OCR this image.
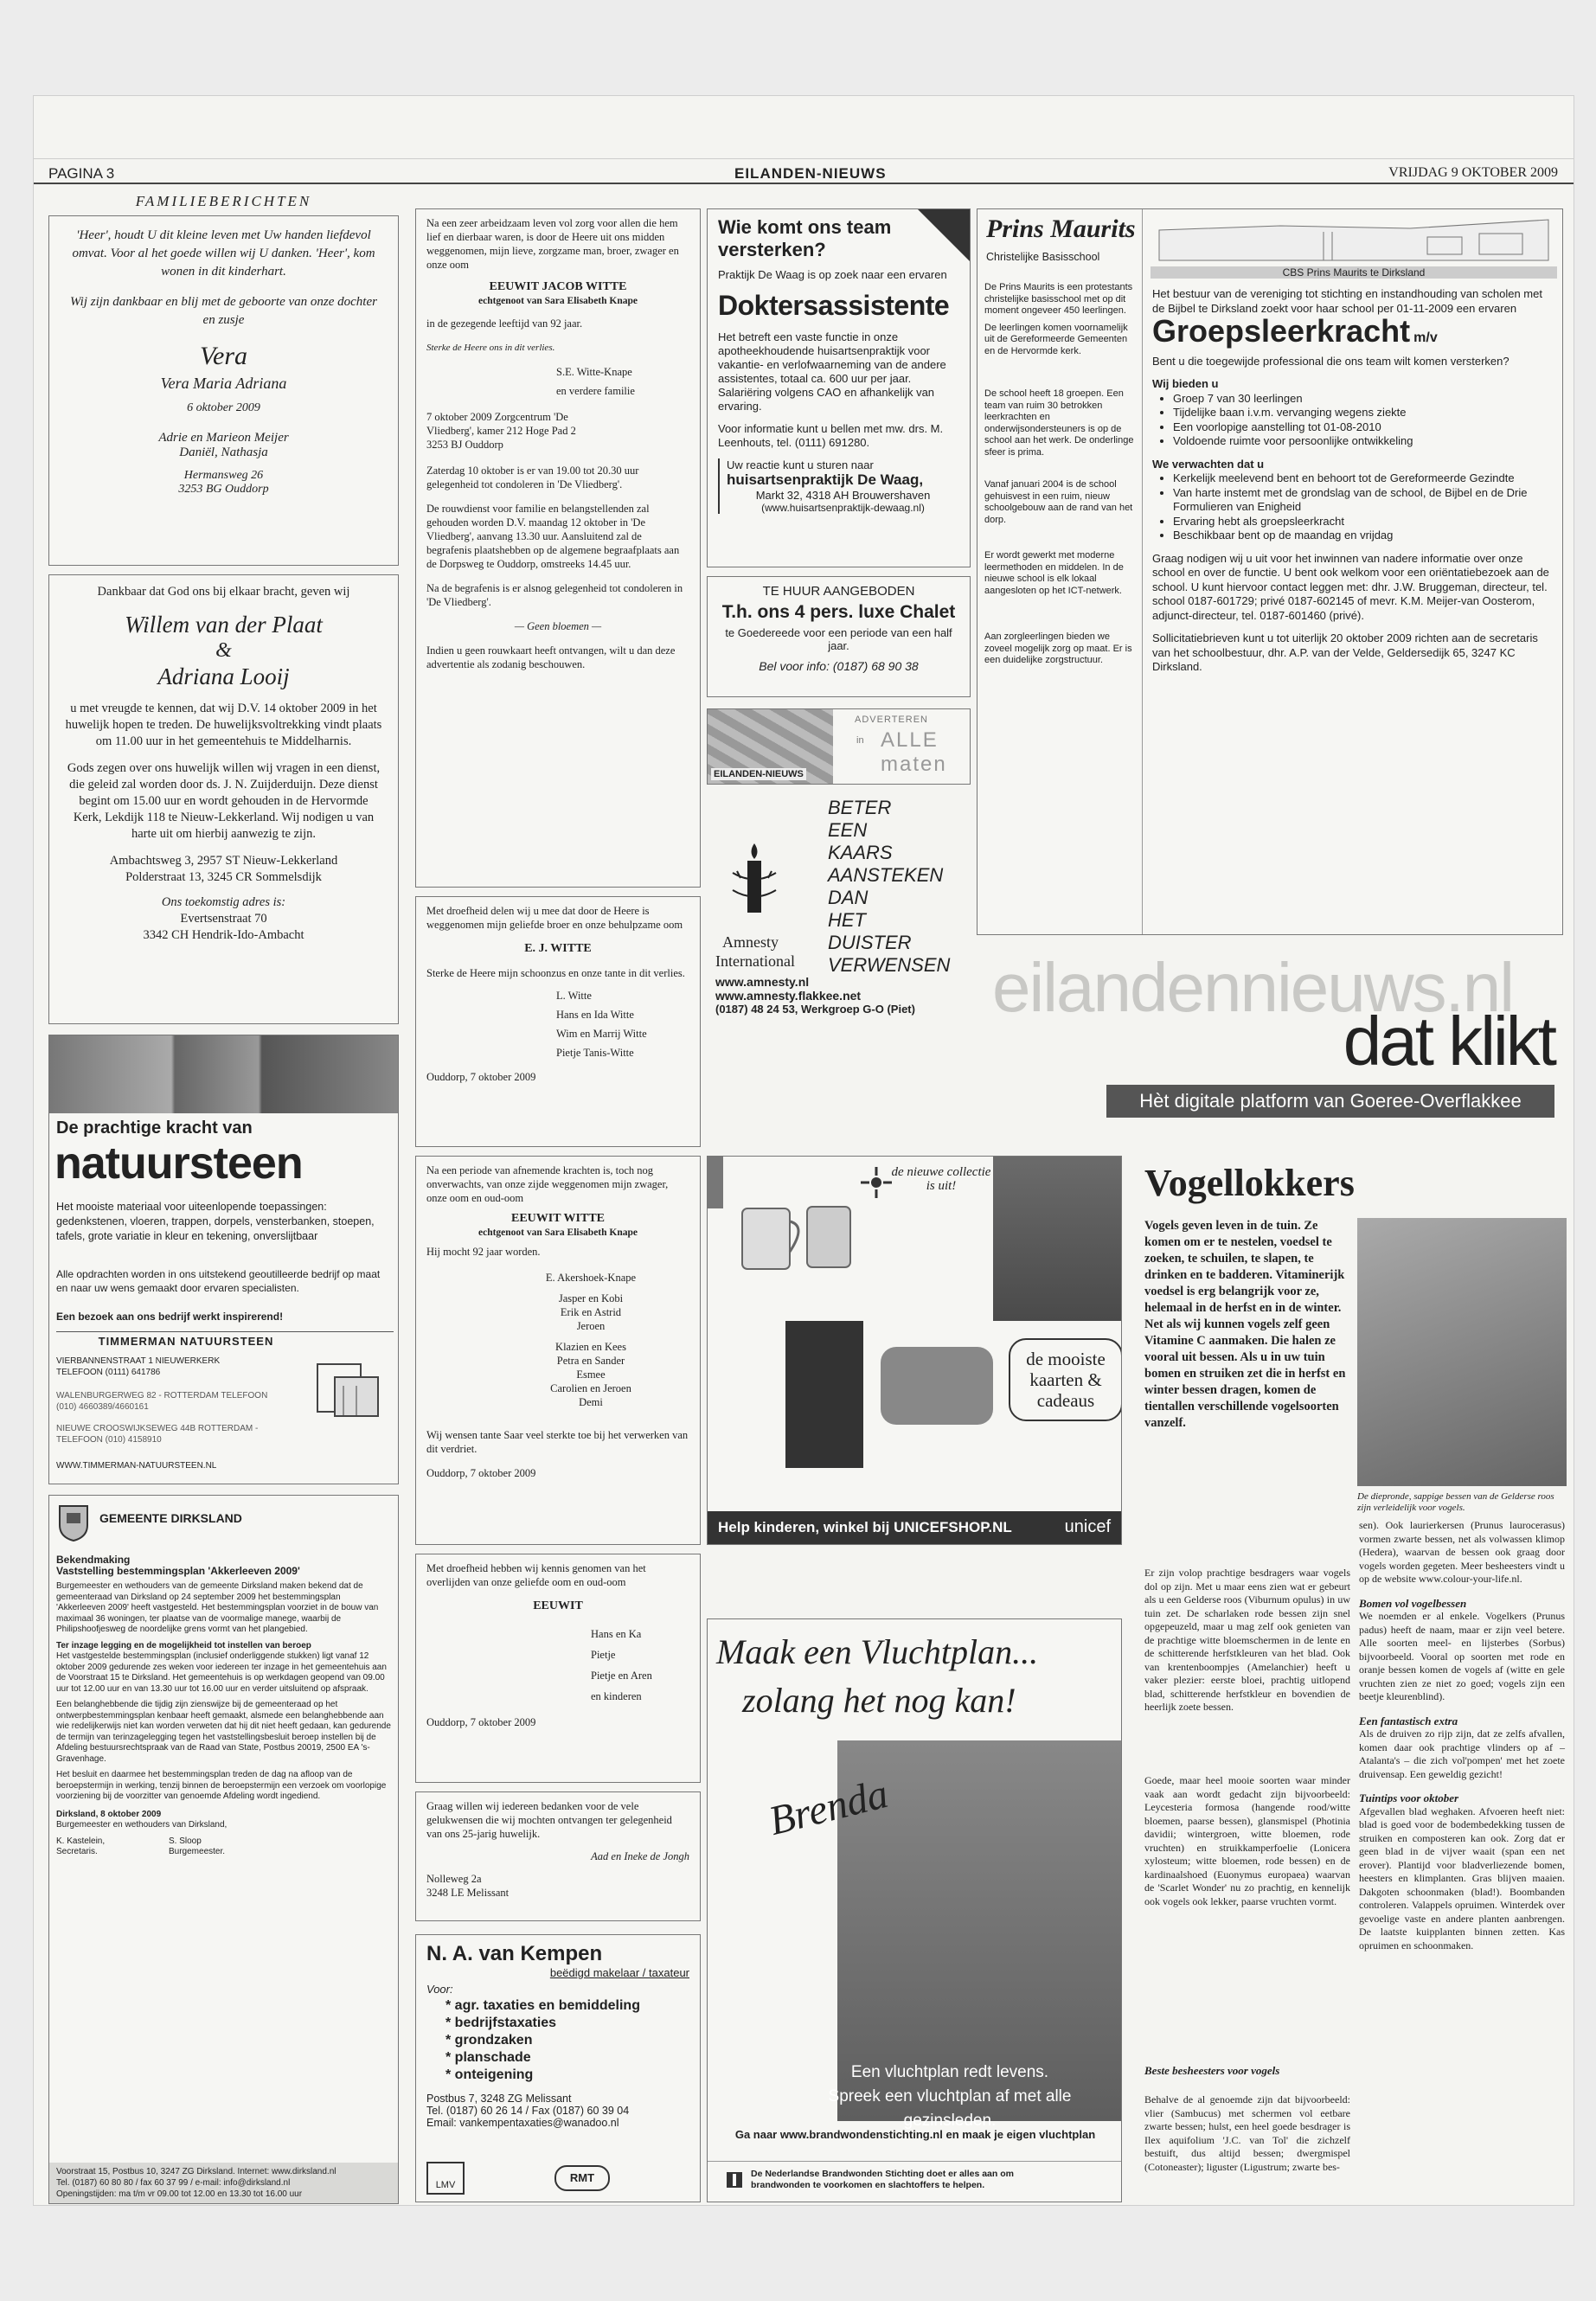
PAGINA 3	EILANDEN-NIEUWS	VRIJDAG 9 OKTOBER 2009
FAMILIEBERICHTEN

'Heer', houdt U dit kleine leven met Uw handen liefdevol omvat. Voor al het goede willen wij U danken. 'Heer', kom wonen in dit kinderhart.

Wij zijn dankbaar en blij met de geboorte van onze dochter en zusje

Vera

Vera Maria Adriana

6 oktober 2009

Adrie en Marieon Meijer

Daniël, Nathasja

Hermansweg 26

3253 BG Ouddorp

Dankbaar dat God ons bij elkaar bracht, geven wij

Willem van der Plaat

&

Adriana Looij

u met vreugde te kennen, dat wij D.V. 14 oktober 2009 in het huwelijk hopen te treden. De huwelijksvoltrekking vindt plaats om 11.00 uur in het gemeentehuis te Middelharnis.

Gods zegen over ons huwelijk willen wij vragen in een dienst, die geleid zal worden door ds. J. N. Zuijderduijn. Deze dienst begint om 15.00 uur en wordt gehouden in de Hervormde Kerk, Lekdijk 118 te Nieuw-Lekkerland. Wij nodigen u van harte uit om hierbij aanwezig te zijn.

Ambachtsweg 3, 2957 ST Nieuw-Lekkerland

Polderstraat 13, 3245 CR Sommelsdijk

Ons toekomstig adres is:

Evertsenstraat 70

3342 CH Hendrik-Ido-Ambacht

De prachtige kracht van

natuursteen

Het mooiste materiaal voor uiteenlopende toepassingen: gedenkstenen, vloeren, trappen, dorpels, vensterbanken, stoepen, tafels, grote variatie in kleur en tekening, onverslijtbaar

Alle opdrachten worden in ons uitstekend geoutilleerde bedrijf op maat en naar uw wens gemaakt door ervaren specialisten.

Een bezoek aan ons bedrijf werkt inspirerend!

TIMMERMAN NATUURSTEEN

VIERBANNENSTRAAT 1 NIEUWERKERK TELEFOON (0111) 641786

WALENBURGERWEG 82 - ROTTERDAM TELEFOON (010) 4660389/4660161

NIEUWE CROOSWIJKSEWEG 44B ROTTERDAM - TELEFOON (010) 4158910

WWW.TIMMERMAN-NATUURSTEEN.NL

GEMEENTE DIRKSLAND

Bekendmaking

Vaststelling bestemmingsplan 'Akkerleeven 2009'

Burgemeester en wethouders van de gemeente Dirksland maken bekend dat de gemeenteraad van Dirksland op 24 september 2009 het bestemmingsplan 'Akkerleeven 2009' heeft vastgesteld. Het bestemmingsplan voorziet in de bouw van maximaal 36 woningen, ter plaatse van de voormalige manege, waarbij de Philipshoofjesweg de noordelijke grens vormt van het plangebied.

Ter inzage legging en de mogelijkheid tot instellen van beroep

Het vastgestelde bestemmingsplan (inclusief onderliggende stukken) ligt vanaf 12 oktober 2009 gedurende zes weken voor iedereen ter inzage in het gemeentehuis aan de Voorstraat 15 te Dirksland. Het gemeentehuis is op werkdagen geopend van 09.00 uur tot 12.00 uur en van 13.30 uur tot 16.00 uur en verder uitsluitend op afspraak.

Een belanghebbende die tijdig zijn zienswijze bij de gemeenteraad op het ontwerpbestemmingsplan kenbaar heeft gemaakt, alsmede een belanghebbende aan wie redelijkerwijs niet kan worden verweten dat hij dit niet heeft gedaan, kan gedurende de termijn van terinzagelegging tegen het vaststellingsbesluit beroep instellen bij de Afdeling bestuursrechtspraak van de Raad van State, Postbus 20019, 2500 EA 's-Gravenhage.

Het besluit en daarmee het bestemmingsplan treden de dag na afloop van de beroepstermijn in werking, tenzij binnen de beroepstermijn een verzoek om voorlopige voorziening bij de voorzitter van genoemde Afdeling wordt ingediend.

Dirksland, 8 oktober 2009

Burgemeester en wethouders van Dirksland,

K. Kastelein, Secretaris.

S. Sloop Burgemeester.

Voorstraat 15, Postbus 10, 3247 ZG Dirksland. Internet: www.dirksland.nl

Tel. (0187) 60 80 80 / fax 60 37 99 / e-mail: info@dirksland.nl

Openingstijden: ma t/m vr 09.00 tot 12.00 en 13.30 tot 16.00 uur

Na een zeer arbeidzaam leven vol zorg voor allen die hem lief en dierbaar waren, is door de Heere uit ons midden weggenomen, mijn lieve, zorgzame man, broer, zwager en onze oom

EEUWIT JACOB WITTE

echtgenoot van Sara Elisabeth Knape

in de gezegende leeftijd van 92 jaar.

Sterke de Heere ons in dit verlies.

S.E. Witte-Knape

en verdere familie

7 oktober 2009 Zorgcentrum 'De Vliedberg', kamer 212 Hoge Pad 2 3253 BJ Ouddorp

Zaterdag 10 oktober is er van 19.00 tot 20.30 uur gelegenheid tot condoleren in 'De Vliedberg'.

De rouwdienst voor familie en belangstellenden zal gehouden worden D.V. maandag 12 oktober in 'De Vliedberg', aanvang 13.30 uur. Aansluitend zal de begrafenis plaatshebben op de algemene begraafplaats aan de Dorpsweg te Ouddorp, omstreeks 14.45 uur.

Na de begrafenis is er alsnog gelegenheid tot condoleren in 'De Vliedberg'.

— Geen bloemen —

Indien u geen rouwkaart heeft ontvangen, wilt u dan deze advertentie als zodanig beschouwen.

Met droefheid delen wij u mee dat door de Heere is weggenomen mijn geliefde broer en onze behulpzame oom

E. J. WITTE

Sterke de Heere mijn schoonzus en onze tante in dit verlies.

L. Witte

Hans en Ida Witte

Wim en Marrij Witte

Pietje Tanis-Witte

Ouddorp, 7 oktober 2009

Na een periode van afnemende krachten is, toch nog onverwachts, van onze zijde weggenomen mijn zwager, onze oom en oud-oom

EEUWIT WITTE

echtgenoot van Sara Elisabeth Knape

Hij mocht 92 jaar worden.

E. Akershoek-Knape

Jasper en Kobi

Erik en Astrid

Jeroen

Klazien en Kees

Petra en Sander

Esmee

Carolien en Jeroen

Demi

Wij wensen tante Saar veel sterkte toe bij het verwerken van dit verdriet.

Ouddorp, 7 oktober 2009

Met droefheid hebben wij kennis genomen van het overlijden van onze geliefde oom en oud-oom

EEUWIT

Hans en Ka

Pietje

Pietje en Aren

en kinderen

Ouddorp, 7 oktober 2009

Graag willen wij iedereen bedanken voor de vele gelukwensen die wij mochten ontvangen ter gelegenheid van ons 25-jarig huwelijk.

Aad en Ineke de Jongh

Nolleweg 2a

3248 LE Melissant

N. A. van Kempen

beëdigd makelaar / taxateur

Voor:

* agr. taxaties en bemiddeling

* bedrijfstaxaties

* grondzaken

* planschade

* onteigening

Postbus 7, 3248 ZG Melissant

Tel. (0187) 60 26 14 / Fax (0187) 60 39 04

Email: vankempentaxaties@wanadoo.nl

LMV
RMT

Wie komt ons team versterken?

Praktijk De Waag is op zoek naar een ervaren

Doktersassistente

Het betreft een vaste functie in onze apotheekhoudende huisartsenpraktijk voor vakantie- en verlofwaarneming van de andere assistentes, totaal ca. 600 uur per jaar. Salariëring volgens CAO en afhankelijk van ervaring.

Voor informatie kunt u bellen met mw. drs. M. Leenhouts, tel. (0111) 691280.

Uw reactie kunt u sturen naar

huisartsenpraktijk De Waag,

Markt 32, 4318 AH Brouwershaven

(www.huisartsenpraktijk-dewaag.nl)

TE HUUR AANGEBODEN

T.h. ons 4 pers. luxe Chalet

te Goedereede voor een periode van een half jaar.

Bel voor info: (0187) 68 90 38

EILANDEN-NIEUWS

ADVERTEREN

in ALLE

maten

BETER

EEN

KAARS

AANSTEKEN

DAN

HET

DUISTER

VERWENSEN

Amnesty

International

www.amnesty.nl

www.amnesty.flakkee.net

(0187) 48 24 53, Werkgroep G-O (Piet)

Prins Maurits

Christelijke Basisschool

De Prins Maurits is een protestants christelijke basisschool met op dit moment ongeveer 450 leerlingen.

De leerlingen komen voornamelijk uit de Gereformeerde Gemeenten en de Hervormde kerk.

De school heeft 18 groepen. Een team van ruim 30 betrokken leerkrachten en onderwijsondersteuners is op de school aan het werk. De onderlinge sfeer is prima.

Vanaf januari 2004 is de school gehuisvest in een ruim, nieuw schoolgebouw aan de rand van het dorp.

Er wordt gewerkt met moderne leermethoden en middelen. In de nieuwe school is elk lokaal aangesloten op het ICT-netwerk.

Aan zorgleerlingen bieden we zoveel mogelijk zorg op maat. Er is een duidelijke zorgstructuur.

CBS Prins Maurits te Dirksland

Het bestuur van de vereniging tot stichting en instandhouding van scholen met de Bijbel te Dirksland zoekt voor haar school per 01-11-2009 een ervaren

Groepsleerkracht m/v

Bent u die toegewijde professional die ons team wilt komen versterken?

Wij bieden u

• Groep 7 van 30 leerlingen
• Tijdelijke baan i.v.m. vervanging wegens ziekte
• Een voorlopige aanstelling tot 01-08-2010
• Voldoende ruimte voor persoonlijke ontwikkeling

We verwachten dat u

• Kerkelijk meelevend bent en behoort tot de Gereformeerde Gezindte
• Van harte instemt met de grondslag van de school, de Bijbel en de Drie Formulieren van Enigheid
• Ervaring hebt als groepsleerkracht
• Beschikbaar bent op de maandag en vrijdag

Graag nodigen wij u uit voor het inwinnen van nadere informatie over onze school en over de functie. U bent ook welkom voor een oriëntatiebezoek aan de school. U kunt hiervoor contact leggen met: dhr. J.W. Bruggeman, directeur, tel. school 0187-601729; privé 0187-602145 of mevr. K.M. Meijer-van Oosterom, adjunct-directeur, tel. 0187-601460 (privé).

Sollicitatiebrieven kunt u tot uiterlijk 20 oktober 2009 richten aan de secretaris van het schoolbestuur, dhr. A.P. van der Velde, Geldersedijk 65, 3247 KC Dirksland.

eilandennieuws.nl

dat klikt

Hèt digitale platform van Goeree-Overflakkee

de nieuwe collectie is uit!

de mooiste kaarten & cadeaus

Help kinderen, winkel bij UNICEFSHOP.NL	unicef

Maak een Vluchtplan...

zolang het nog kan!

Brenda

Een vluchtplan redt levens.

Spreek een vluchtplan af met alle gezinsleden.

Ga naar www.brandwondenstichting.nl en maak je eigen vluchtplan

De Nederlandse Brandwonden Stichting doet er alles aan om brandwonden te voorkomen en slachtoffers te helpen.

Vogellokkers

De diepronde, sappige bessen van de Gelderse roos zijn verleidelijk voor vogels.

Vogels geven leven in de tuin. Ze komen om er te nestelen, voedsel te zoeken, te schuilen, te slapen, te drinken en te badderen. Vitaminerijk voedsel is erg belangrijk voor ze, helemaal in de herfst en in de winter. Net als wij kunnen vogels zelf geen Vitamine C aanmaken. Die halen ze vooral uit bessen. Als u in uw tuin bomen en struiken zet die in herfst en winter bessen dragen, komen de tientallen verschillende vogelsoorten vanzelf.

Er zijn volop prachtige besdragers waar vogels dol op zijn. Met u maar eens zien wat er gebeurt als u een Gelderse roos (Viburnum opulus) in uw tuin zet. De scharlaken rode bessen zijn snel opgepeuzeld, maar u mag zelf ook genieten van de prachtige witte bloemschermen in de lente en de schitterende herfstkleuren van het blad. Ook van krentenboompjes (Amelanchier) heeft u vaker plezier: eerste bloei, prachtig uitlopend blad, schitterende herfstkleur en bovendien de heerlijk zoete bessen.

Goede, maar heel mooie soorten waar minder vaak aan wordt gedacht zijn bijvoorbeeld: Leycesteria formosa (hangende rood/witte bloemen, paarse bessen), glansmispel (Photinia davidii; wintergroen, witte bloemen, rode vruchten) en struikkamperfoelie (Lonicera xylosteum; witte bloemen, rode bessen) en de kardinaalshoed (Euonymus europaea) waarvan de 'Scarlet Wonder' nu zo prachtig, en kennelijk ook vogels ook lekker, paarse vruchten vormt.

Beste besheesters voor vogels

Behalve de al genoemde zijn dat bijvoorbeeld: vlier (Sambucus) met schermen vol eetbare zwarte bessen; hulst, een heel goede besdrager is Ilex aquifolium 'J.C. van Tol' die zichzelf bestuift, dus altijd bessen; dwergmispel (Cotoneaster); liguster (Ligustrum; zwarte bes-

sen). Ook laurierkersen (Prunus laurocerasus) vormen zwarte bessen, net als volwassen klimop (Hedera), waarvan de bessen ook graag door vogels worden gegeten. Meer besheesters vindt u op de website www.colour-your-life.nl.

Bomen vol vogelbessen

We noemden er al enkele. Vogelkers (Prunus padus) heeft de naam, maar er zijn veel betere. Alle soorten meel- en lijsterbes (Sorbus) bijvoorbeeld. Vooral op soorten met rode en oranje bessen komen de vogels af (witte en gele vruchten zien ze niet zo goed; vogels zijn een beetje kleurenblind).

Een fantastisch extra

Als de druiven zo rijp zijn, dat ze zelfs afvallen, komen daar ook prachtige vlinders op af – Atalanta's – die zich vol'pompen' met het zoete druivensap. Een geweldig gezicht!

Tuintips voor oktober

Afgevallen blad weghaken. Afvoeren heeft niet: blad is goed voor de bodembedekking tussen de struiken en composteren kan ook. Zorg dat er geen blad in de vijver waait (span een net erover). Plantijd voor bladverliezende bomen, heesters en klimplanten. Gras blijven maaien. Dakgoten schoonmaken (blad!). Boombanden controleren. Valappels opruimen. Winterdek over gevoelige vaste en andere planten aanbrengen. De laatste kuipplanten binnen zetten. Kas opruimen en schoonmaken.
